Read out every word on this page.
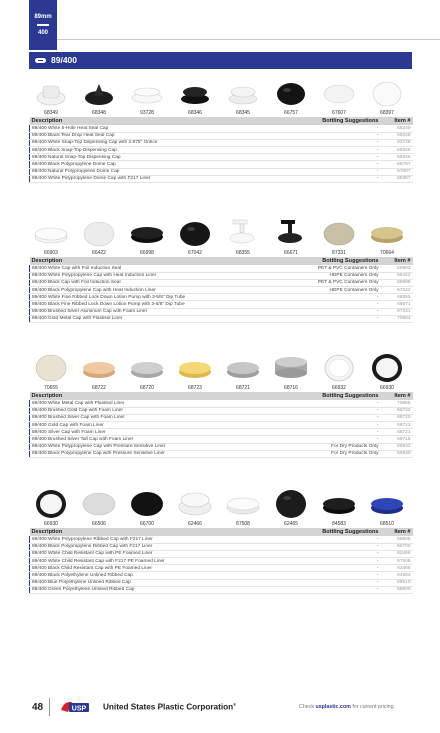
89mm
400
89/400
68349	68348	93728	68346	68345	66757	67607	68397
Description	Bottling Suggestions	Item #
89/400 White 5-Hole Heat Seal Cap	-	68349
89/400 Black Tear Drop Heat Seal Cap	-	68348
89/400 White Snap-Top Dispensing Cap with 2.875" Orifice	-	93728
89/400 Black Snap-Top Dispensing Cap	-	68346
89/400 Natural Snap-Top Dispensing Cap	-	68345
89/400 Black Polypropylene Dome Cap	-	66757
89/400 Natural Polypropylene Dome Cap	-	67607
89/400 White Polypropylene Dome Cap with F217 Liner	-	68397
66903	66422	66998	67042	68355	66671	87331	70664
Description	Bottling Suggestions	Item #
89/400 White Cap with Foil Induction Seal	PET & PVC Containers Only	66903
89/400 White Polypropylene Cap with Heat Induction Liner	HDPE Containers Only	66422
89/400 Black Cap with Foil Induction Seal	PET & PVC Containers Only	66998
89/400 Black Polypropylene Cap with Heat Induction Liner	HDPE Containers Only	67042
89/400 White Fine Ribbed Lock Down Lotion Pump with 3-5/8" Dip Tube	-	68355
89/400 Black Fine Ribbed Lock Down Lotion Pump with 3-5/8" Dip Tube	-	66671
89/400 Brushed Silver Aluminum Cap with Foam Liner	-	87331
89/400 Gold Metal Cap with Plastisol Liner	-	70664
70655	68722	68720	68723	68721	68716	66932	66930
Description	Bottling Suggestions	Item #
89/400 White Metal Cap with Plastisol Liner	-	70655
89/400 Brushed Gold Cap with Foam Liner	-	68722
89/400 Brushed Silver Cap with Foam Liner	-	68720
89/400 Gold Cap with Foam Liner	-	68723
89/400 Silver Cap with Foam Liner	-	68721
89/400 Brushed Silver Tall Cap with Foam Liner	-	68716
89/400 White Polypropylene Cap with Pressure Sensitive Liner	For Dry Products Only	66932
89/400 Black Polypropylene Cap with Pressure Sensitive Liner	For Dry Products Only	66930
66930	66506	66700	62466	87508	62465	84583	68510
Description	Bottling Suggestions	Item #
89/400 White Polypropylene Ribbed Cap with F217 Liner	-	66506
89/400 Black Polypropylene Ribbed Cap with F217 Liner	-	66700
89/400 White Child Resistant Cap with PE Foamed Liner	-	62466
89/400 White Child Resistant Cap with F217 PE Foamed Liner	-	87508
89/400 Black Child Resistant Cap with PE Foamed Liner	-	62465
89/400 Black Polyethylene Unlined Ribbed Cap	-	84583
89/400 Blue Polyethylene Unlined Ribbed Cap	-	68510
89/400 Green Polyethylene Unlined Ribbed Cap	-	68509
48	USP United States Plastic Corporation®	Check usplastic.com for current pricing.
